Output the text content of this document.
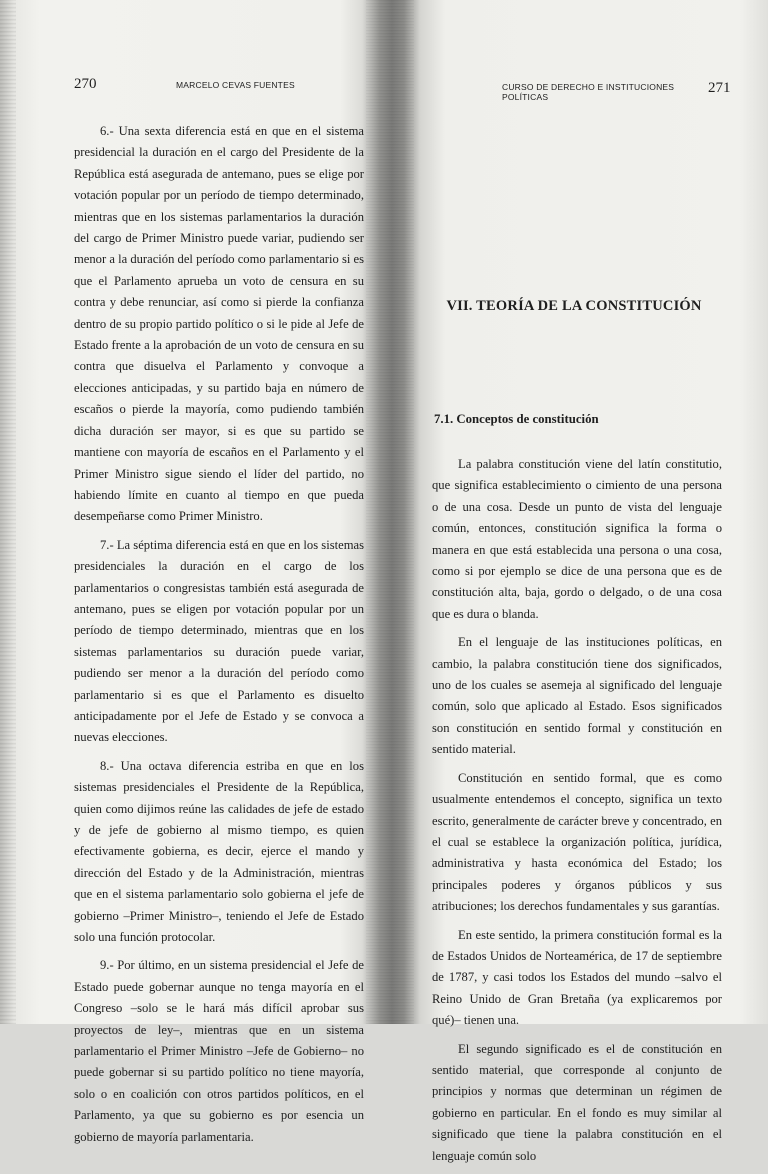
270	MARCELO CEVAS FUENTES

6.- Una sexta diferencia está en que en el sistema presidencial la duración en el cargo del Presidente de la República está asegurada de antemano, pues se elige por votación popular por un período de tiempo determinado, mientras que en los sistemas parlamentarios la duración del cargo de Primer Ministro puede variar, pudiendo ser menor a la duración del período como parlamentario si es que el Parlamento aprueba un voto de censura en su contra y debe renunciar, así como si pierde la confianza dentro de su propio partido político o si le pide al Jefe de Estado frente a la aprobación de un voto de censura en su contra que disuelva el Parlamento y convoque a elecciones anticipadas, y su partido baja en número de escaños o pierde la mayoría, como pudiendo también dicha duración ser mayor, si es que su partido se mantiene con mayoría de escaños en el Parlamento y el Primer Ministro sigue siendo el líder del partido, no habiendo límite en cuanto al tiempo en que pueda desempeñarse como Primer Ministro.

7.- La séptima diferencia está en que en los sistemas presidenciales la duración en el cargo de los parlamentarios o congresistas también está asegurada de antemano, pues se eligen por votación popular por un período de tiempo determinado, mientras que en los sistemas parlamentarios su duración puede variar, pudiendo ser menor a la duración del período como parlamentario si es que el Parlamento es disuelto anticipadamente por el Jefe de Estado y se convoca a nuevas elecciones.

8.- Una octava diferencia estriba en que en los sistemas presidenciales el Presidente de la República, quien como dijimos reúne las calidades de jefe de estado y de jefe de gobierno al mismo tiempo, es quien efectivamente gobierna, es decir, ejerce el mando y dirección del Estado y de la Administración, mientras que en el sistema parlamentario solo gobierna el jefe de gobierno –Primer Ministro–, teniendo el Jefe de Estado solo una función protocolar.

9.- Por último, en un sistema presidencial el Jefe de Estado puede gobernar aunque no tenga mayoría en el Congreso –solo se le hará más difícil aprobar sus proyectos de ley–, mientras que en un sistema parlamentario el Primer Ministro –Jefe de Gobierno– no puede gobernar si su partido político no tiene mayoría, solo o en coalición con otros partidos políticos, en el Parlamento, ya que su gobierno es por esencia un gobierno de mayoría parlamentaria.

CURSO DE DERECHO E INSTITUCIONES POLÍTICAS
271
VII. TEORÍA DE LA CONSTITUCIÓN
7.1. Conceptos de constitución

La palabra constitución viene del latín constitutio, que significa establecimiento o cimiento de una persona o de una cosa. Desde un punto de vista del lenguaje común, entonces, constitución significa la forma o manera en que está establecida una persona o una cosa, como si por ejemplo se dice de una persona que es de constitución alta, baja, gordo o delgado, o de una cosa que es dura o blanda.

En el lenguaje de las instituciones políticas, en cambio, la palabra constitución tiene dos significados, uno de los cuales se asemeja al significado del lenguaje común, solo que aplicado al Estado. Esos significados son constitución en sentido formal y constitución en sentido material.

Constitución en sentido formal, que es como usualmente entendemos el concepto, significa un texto escrito, generalmente de carácter breve y concentrado, en el cual se establece la organización política, jurídica, administrativa y hasta económica del Estado; los principales poderes y órganos públicos y sus atribuciones; los derechos fundamentales y sus garantías.

En este sentido, la primera constitución formal es la de Estados Unidos de Norteamérica, de 17 de septiembre de 1787, y casi todos los Estados del mundo –salvo el Reino Unido de Gran Bretaña (ya explicaremos por qué)– tienen una.

El segundo significado es el de constitución en sentido material, que corresponde al conjunto de principios y normas que determinan un régimen de gobierno en particular. En el fondo es muy similar al significado que tiene la palabra constitución en el lenguaje común solo
